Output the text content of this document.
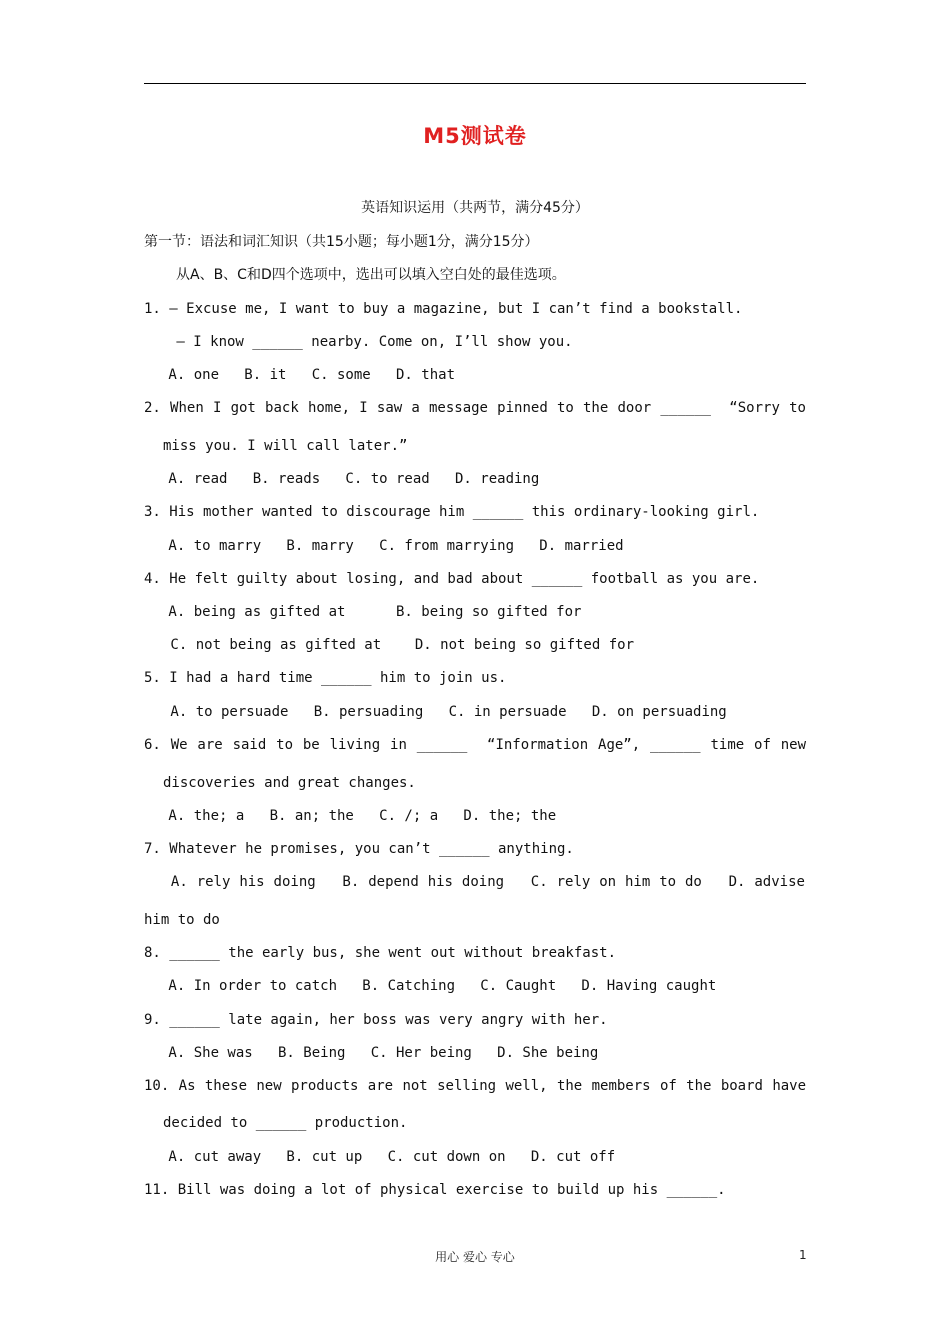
M5测试卷
英语知识运用（共两节，满分45分）
第一节：语法和词汇知识（共15小题；每小题1分，满分15分）
从A、B、C和D四个选项中，选出可以填入空白处的最佳选项。
1. — Excuse me, I want to buy a magazine, but I can’t find a bookstall.
— I know ______ nearby. Come on, I’ll show you.
A. one   B. it   C. some   D. that
2. When I got back home, I saw a message pinned to the door ______  “Sorry to
miss you. I will call later.”
A. read   B. reads   C. to read   D. reading
3. His mother wanted to discourage him ______ this ordinary-looking girl.
A. to marry   B. marry   C. from marrying   D. married
4. He felt guilty about losing, and bad about ______ football as you are.
A. being as gifted at      B. being so gifted for
C. not being as gifted at    D. not being so gifted for
5. I had a hard time ______ him to join us.
A. to persuade   B. persuading   C. in persuade   D. on persuading
6. We are said to be living in ______  “Information Age”, ______ time of new
discoveries and great changes.
A. the; a   B. an; the   C. /; a   D. the; the
7. Whatever he promises, you can’t ______ anything.
A. rely his doing   B. depend his doing   C. rely on him to do   D. advise
him to do
8. ______ the early bus, she went out without breakfast.
A. In order to catch   B. Catching   C. Caught   D. Having caught
9. ______ late again, her boss was very angry with her.
A. She was   B. Being   C. Her being   D. She being
10. As these new products are not selling well, the members of the board have
decided to ______ production.
A. cut away   B. cut up   C. cut down on   D. cut off
11. Bill was doing a lot of physical exercise to build up his ______.
用心 爱心 专心	1
